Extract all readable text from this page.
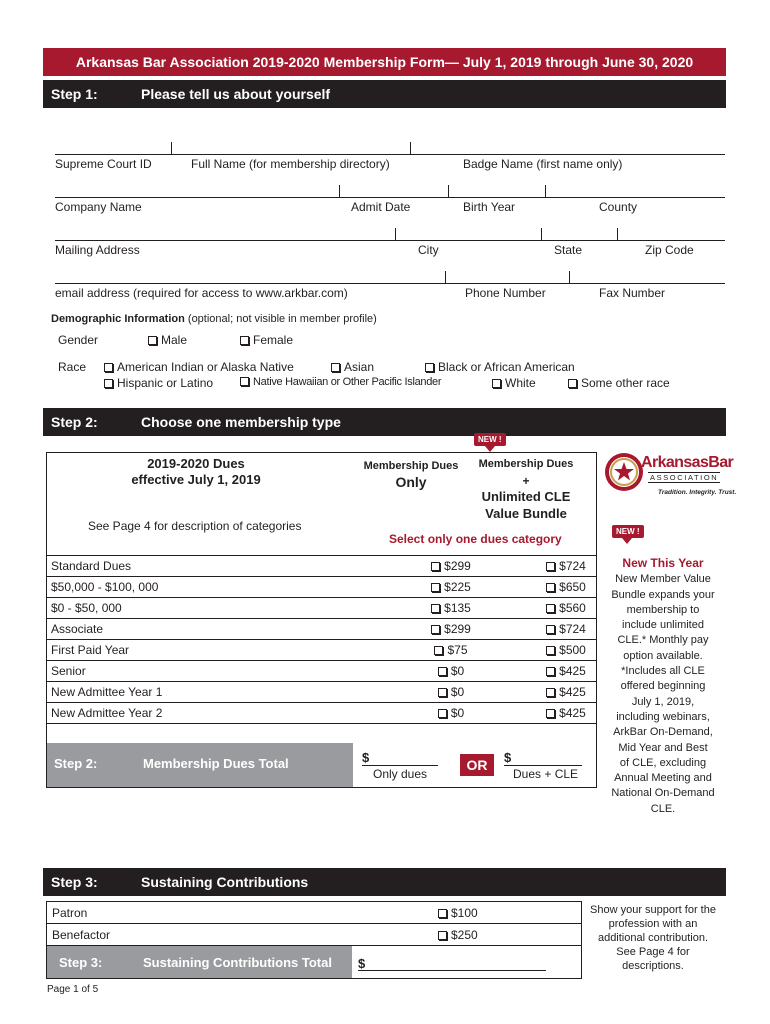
Arkansas Bar Association 2019-2020 Membership Form— July 1, 2019 through June 30, 2020
Step 1:	Please tell us about yourself
Supreme Court ID	Full Name (for membership directory)	Badge Name (first name only)
Company Name	Admit Date	Birth Year	County
Mailing Address	City	State	Zip Code
email address (required for access to www.arkbar.com)	Phone Number	Fax Number
Demographic Information (optional; not visible in member profile)
Gender	Male	Female
Race	American Indian or Alaska Native	Asian	Black or African American
Hispanic or Latino	Native Hawaiian or Other Pacific Islander	White	Some other race
Step 2:	Choose one membership type
NEW !
2019-2020 Dues
effective July 1, 2019
Membership Dues
Only
Membership Dues
+
Unlimited CLE
Value Bundle
See Page 4 for description of categories
Select only one dues category
Standard Dues	$299	$724
$50,000 - $100, 000	$225	$650
$0 - $50, 000	$135	$560
Associate	$299	$724
First Paid Year	$75	$500
Senior	$0	$425
New Admittee Year 1	$0	$425
New Admittee Year 2	$0	$425
Step 2:	Membership Dues Total	$
Only dues
OR $
Dues + CLE
ArkansasBar
ASSOCIATION
Tradition. Integrity. Trust.
NEW !
New This Year
New Member Value
Bundle expands your
membership to
include unlimited
CLE.* Monthly pay
option available.
*Includes all CLE
offered beginning
July 1, 2019,
including webinars,
ArkBar On-Demand,
Mid Year and Best
of CLE, excluding
Annual Meeting and
National On-Demand
CLE.
Step 3:	Sustaining Contributions
Patron	$100
Benefactor	$250
Step 3:	Sustaining Contributions Total $
Show your support for the
profession with an
additional contribution.
See Page 4 for descriptions.
Page 1 of 5
